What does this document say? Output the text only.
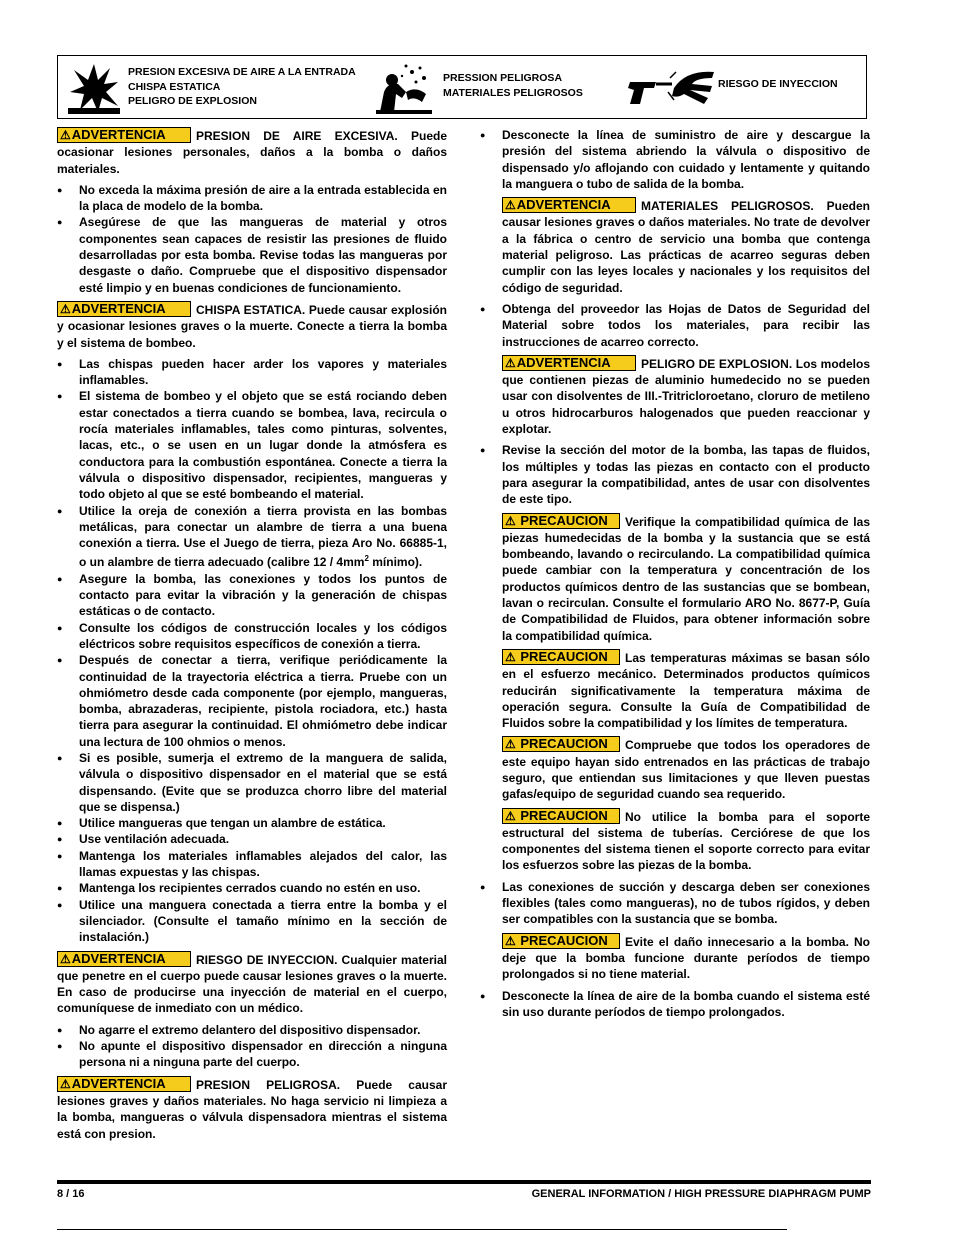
PRESION EXCESIVA DE AIRE A LA ENTRADA
CHISPA ESTATICA
PELIGRO DE EXPLOSION
PRESSION PELIGROSA
MATERIALES PELIGROSOS
RIESGO DE INYECCION
⚠ADVERTENCIA	PRESION DE AIRE EXCESIVA. Puede ocasionar lesiones personales, daños a la bomba o daños materiales.
● No exceda la máxima presión de aire a la entrada establecida en la placa de modelo de la bomba.
● Asegúrese de que las mangueras de material y otros componentes sean capaces de resistir las presiones de fluido desarrolladas por esta bomba. Revise todas las mangueras por desgaste o daño. Compruebe que el dispositivo dispensador esté limpio y en buenas condiciones de funcionamiento.
⚠ADVERTENCIA	CHISPA ESTATICA. Puede causar explosión y ocasionar lesiones graves o la muerte. Conecte a tierra la bomba y el sistema de bombeo.
● Las chispas pueden hacer arder los vapores y materiales inflamables.
● El sistema de bombeo y el objeto que se está rociando deben estar conectados a tierra cuando se bombea, lava, recircula o rocía materiales inflamables, tales como pinturas, solventes, lacas, etc., o se usen en un lugar donde la atmósfera es conductora para la combustión espontánea. Conecte a tierra la válvula o dispositivo dispensador, recipientes, mangueras y todo objeto al que se esté bombeando el material.
● Utilice la oreja de conexión a tierra provista en las bombas metálicas, para conectar un alambre de tierra a una buena conexión a tierra. Use el Juego de tierra, pieza Aro No. 66885-1, o un alambre de tierra adecuado (calibre $12 / 4mm^2$ mínimo).
● Asegure la bomba, las conexiones y todos los puntos de contacto para evitar la vibración y la generación de chispas estáticas o de contacto.
● Consulte los códigos de construcción locales y los códigos eléctricos sobre requisitos específicos de conexión a tierra.
● Después de conectar a tierra, verifique periódicamente la continuidad de la trayectoria eléctrica a tierra. Pruebe con un ohmiómetro desde cada componente (por ejemplo, mangueras, bomba, abrazaderas, recipiente, pistola rociadora, etc.) hasta tierra para asegurar la continuidad. El ohmiómetro debe indicar una lectura de 100 ohmios o menos.
● Si es posible, sumerja el extremo de la manguera de salida, válvula o dispositivo dispensador en el material que se está dispensando. (Evite que se produzca chorro libre del material que se dispensa.)
● Utilice mangueras que tengan un alambre de estática.
● Use ventilación adecuada.
● Mantenga los materiales inflamables alejados del calor, las llamas expuestas y las chispas.
● Mantenga los recipientes cerrados cuando no estén en uso.
● Utilice una manguera conectada a tierra entre la bomba y el silenciador. (Consulte el tamaño mínimo en la sección de instalación.)
⚠ADVERTENCIA	RIESGO DE INYECCION. Cualquier material que penetre en el cuerpo puede causar lesiones graves o la muerte. En caso de producirse una inyección de material en el cuerpo, comuníquese de inmediato con un médico.
● No agarre el extremo delantero del dispositivo dispensador.
● No apunte el dispositivo dispensador en dirección a ninguna persona ni a ninguna parte del cuerpo.
⚠ADVERTENCIA	PRESION PELIGROSA. Puede causar lesiones graves y daños materiales. No haga servicio ni limpieza a la bomba, mangueras o válvula dispensadora mientras el sistema está con presion.
● Desconecte la línea de suministro de aire y descargue la presión del sistema abriendo la válvula o dispositivo de dispensado y/o aflojando con cuidado y lentamente y quitando la manguera o tubo de salida de la bomba.
⚠ADVERTENCIA	MATERIALES PELIGROSOS. Pueden causar lesiones graves o daños materiales. No trate de devolver a la fábrica o centro de servicio una bomba que contenga material peligroso. Las prácticas de acarreo seguras deben cumplir con las leyes locales y nacionales y los requisitos del código de seguridad.
● Obtenga del proveedor las Hojas de Datos de Seguridad del Material sobre todos los materiales, para recibir las instrucciones de acarreo correcto.
⚠ADVERTENCIA	PELIGRO DE EXPLOSION. Los modelos que contienen piezas de aluminio humedecido no se pueden usar con disolventes de III.-Tritricloroetano, cloruro de metileno u otros hidrocarburos halogenados que pueden reaccionar y explotar.
● Revise la sección del motor de la bomba, las tapas de fluidos, los múltiples y todas las piezas en contacto con el producto para asegurar la compatibilidad, antes de usar con disolventes de este tipo.
⚠ PRECAUCION Verifique la compatibilidad química de las piezas humedecidas de la bomba y la sustancia que se está bombeando, lavando o recirculando. La compatibilidad química puede cambiar con la temperatura y concentración de los productos químicos dentro de las sustancias que se bombean, lavan o recirculan. Consulte el formulario ARO No. 8677-P, Guía de Compatibilidad de Fluidos, para obtener información sobre la compatibilidad química.
⚠ PRECAUCION Las temperaturas máximas se basan sólo en el esfuerzo mecánico. Determinados productos químicos reducirán significativamente la temperatura máxima de operación segura. Consulte la Guía de Compatibilidad de Fluidos sobre la compatibilidad y los límites de temperatura.
⚠ PRECAUCION Compruebe que todos los operadores de este equipo hayan sido entrenados en las prácticas de trabajo seguro, que entiendan sus limitaciones y que lleven puestas gafas/equipo de seguridad cuando sea requerido.
⚠ PRECAUCION No utilice la bomba para el soporte estructural del sistema de tuberías. Cerciórese de que los componentes del sistema tienen el soporte correcto para evitar los esfuerzos sobre las piezas de la bomba.
● Las conexiones de succión y descarga deben ser conexiones flexibles (tales como mangueras), no de tubos rígidos, y deben ser compatibles con la sustancia que se bomba.
⚠ PRECAUCION Evite el daño innecesario a la bomba. No deje que la bomba funcione durante períodos de tiempo prolongados si no tiene material.
● Desconecte la línea de aire de la bomba cuando el sistema esté sin uso durante períodos de tiempo prolongados.
8 / 16	GENERAL INFORMATION / HIGH PRESSURE DIAPHRAGM PUMP
